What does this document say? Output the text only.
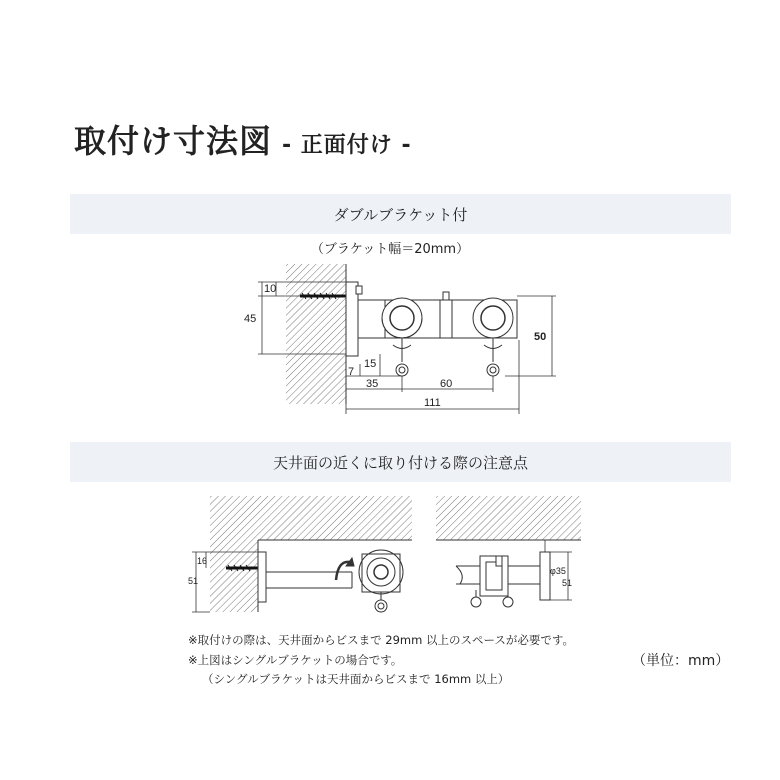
取付け寸法図 - 正面付け -
ダブルブラケット付
（ブラケット幅＝20mm）
天井面の近くに取り付ける際の注意点
10
45
50
15
7
35	60
111
16
51
φ35
51
※取付けの際は、天井面からビスまで 29mm 以上のスペースが必要です。
※上図はシングルブラケットの場合です。
（シングルブラケットは天井面からビスまで 16mm 以上）
（単位：mm）
